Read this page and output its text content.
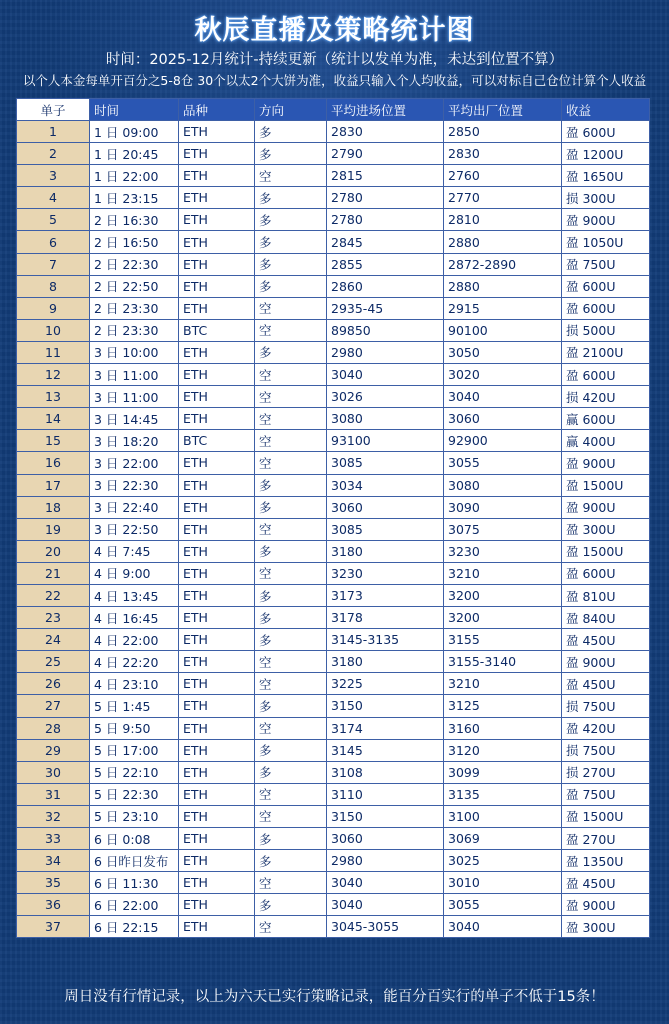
秋辰直播及策略统计图
时间：2025-12月统计-持续更新（统计以发单为准，未达到位置不算）
以个人本金每单开百分之5-8仓 30个以太2个大饼为准，收益只输入个人均收益，可以对标自己仓位计算个人收益
单子	时间	品种	方向	平均进场位置	平均出厂位置	收益
1	1 日 09:00	ETH	多	2830	2850	盈 600U
2	1 日 20:45	ETH	多	2790	2830	盈 1200U
3	1 日 22:00	ETH	空	2815	2760	盈 1650U
4	1 日 23:15	ETH	多	2780	2770	损 300U
5	2 日 16:30	ETH	多	2780	2810	盈 900U
6	2 日 16:50	ETH	多	2845	2880	盈 1050U
7	2 日 22:30	ETH	多	2855	2872-2890	盈 750U
8	2 日 22:50	ETH	多	2860	2880	盈 600U
9	2 日 23:30	ETH	空	2935-45	2915	盈 600U
10	2 日 23:30	BTC	空	89850	90100	损 500U
11	3 日 10:00	ETH	多	2980	3050	盈 2100U
12	3 日 11:00	ETH	空	3040	3020	盈 600U
13	3 日 11:00	ETH	空	3026	3040	损 420U
14	3 日 14:45	ETH	空	3080	3060	赢 600U
15	3 日 18:20	BTC	空	93100	92900	赢 400U
16	3 日 22:00	ETH	空	3085	3055	盈 900U
17	3 日 22:30	ETH	多	3034	3080	盈 1500U
18	3 日 22:40	ETH	多	3060	3090	盈 900U
19	3 日 22:50	ETH	空	3085	3075	盈 300U
20	4 日 7:45	ETH	多	3180	3230	盈 1500U
21	4 日 9:00	ETH	空	3230	3210	盈 600U
22	4 日 13:45	ETH	多	3173	3200	盈 810U
23	4 日 16:45	ETH	多	3178	3200	盈 840U
24	4 日 22:00	ETH	多	3145-3135	3155	盈 450U
25	4 日 22:20	ETH	空	3180	3155-3140	盈 900U
26	4 日 23:10	ETH	空	3225	3210	盈 450U
27	5 日 1:45	ETH	多	3150	3125	损 750U
28	5 日 9:50	ETH	空	3174	3160	盈 420U
29	5 日 17:00	ETH	多	3145	3120	损 750U
30	5 日 22:10	ETH	多	3108	3099	损 270U
31	5 日 22:30	ETH	空	3110	3135	盈 750U
32	5 日 23:10	ETH	空	3150	3100	盈 1500U
33	6 日 0:08	ETH	多	3060	3069	盈 270U
34	6 日昨日发布	ETH	多	2980	3025	盈 1350U
35	6 日 11:30	ETH	空	3040	3010	盈 450U
36	6 日 22:00	ETH	多	3040	3055	盈 900U
37	6 日 22:15	ETH	空	3045-3055	3040	盈 300U
周日没有行情记录，以上为六天已实行策略记录，能百分百实行的单子不低于15条！
